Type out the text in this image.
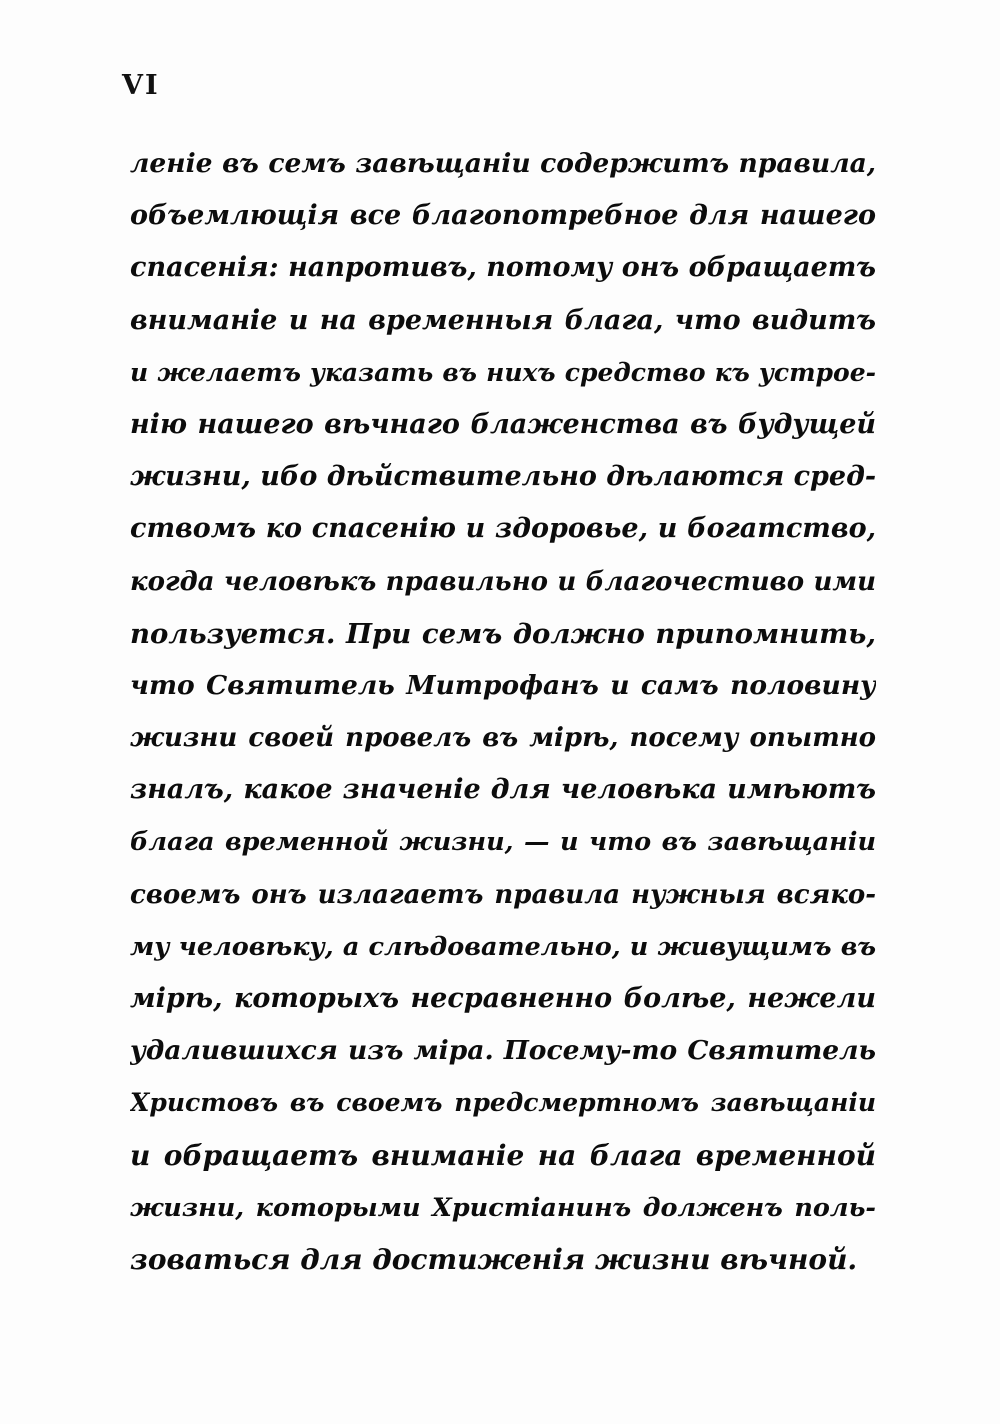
VI
леніе въ семъ завѣщаніи содержитъ правила,
объемлющія все благопотребное для нашего
спасенія: напротивъ, потому онъ обращаетъ
вниманіе и на временныя блага, что видитъ
и желаетъ указать въ нихъ средство къ устрое-
нію нашего вѣчнаго блаженства въ будущей
жизни, ибо дѣйствительно дѣлаются сред-
ствомъ ко спасенію и здоровье, и богатство,
когда человѣкъ правильно и благочестиво ими
пользуется. При семъ должно припомнить,
что Святитель Митрофанъ и самъ половину
жизни своей провелъ въ мірѣ, посему опытно
зналъ, какое значеніе для человѣка имѣютъ
блага временной жизни, — и что въ завѣщаніи
своемъ онъ излагаетъ правила нужныя всяко-
му человѣку, а слѣдовательно, и живущимъ въ
мірѣ, которыхъ несравненно болѣе, нежели
удалившихся изъ міра. Посему-то Святитель
Христовъ въ своемъ предсмертномъ завѣщаніи
и обращаетъ вниманіе на блага временной
жизни, которыми Христіанинъ долженъ поль-
зоваться для достиженія жизни вѣчной.
